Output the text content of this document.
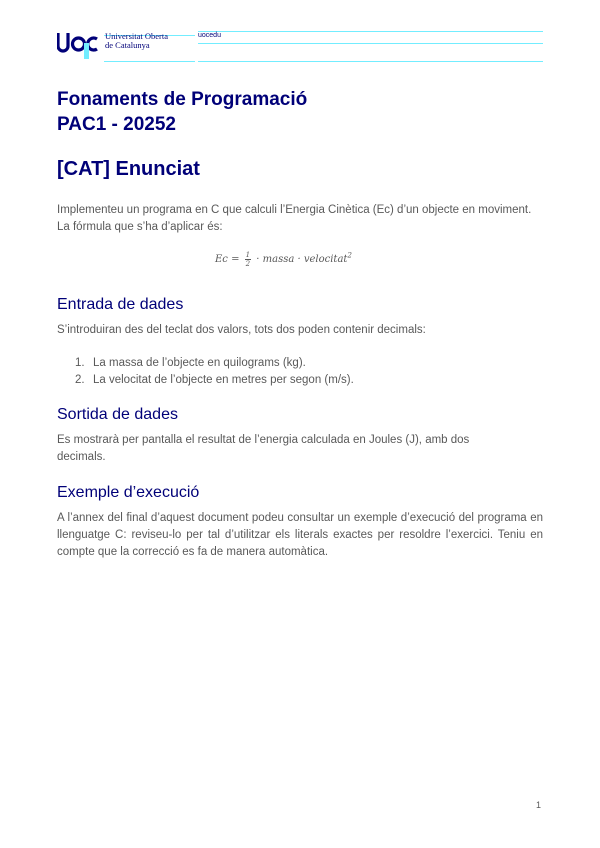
Universitat Oberta
de Catalunya
uocedu
Fonaments de Programació
PAC1 - 20252
[CAT] Enunciat
Implementeu un programa en C que calculi l’Energia Cinètica (Ec) d’un objecte en moviment. La fórmula que s’ha d’aplicar és:
$Ec = \frac{1}{2}$ · massa · velocitat$^2$
Entrada de dades
S’introduiran des del teclat dos valors, tots dos poden contenir decimals:
1. La massa de l’objecte en quilograms (kg).
2. La velocitat de l’objecte en metres per segon (m/s).
Sortida de dades
Es mostrarà per pantalla el resultat de l’energia calculada en Joules (J), amb dos decimals.
Exemple d’execució
A l’annex del final d’aquest document podeu consultar un exemple d’execució del programa en llenguatge C: reviseu-lo per tal d’utilitzar els literals exactes per resoldre l’exercici. Teniu en compte que la correcció es fa de manera automàtica.
1
